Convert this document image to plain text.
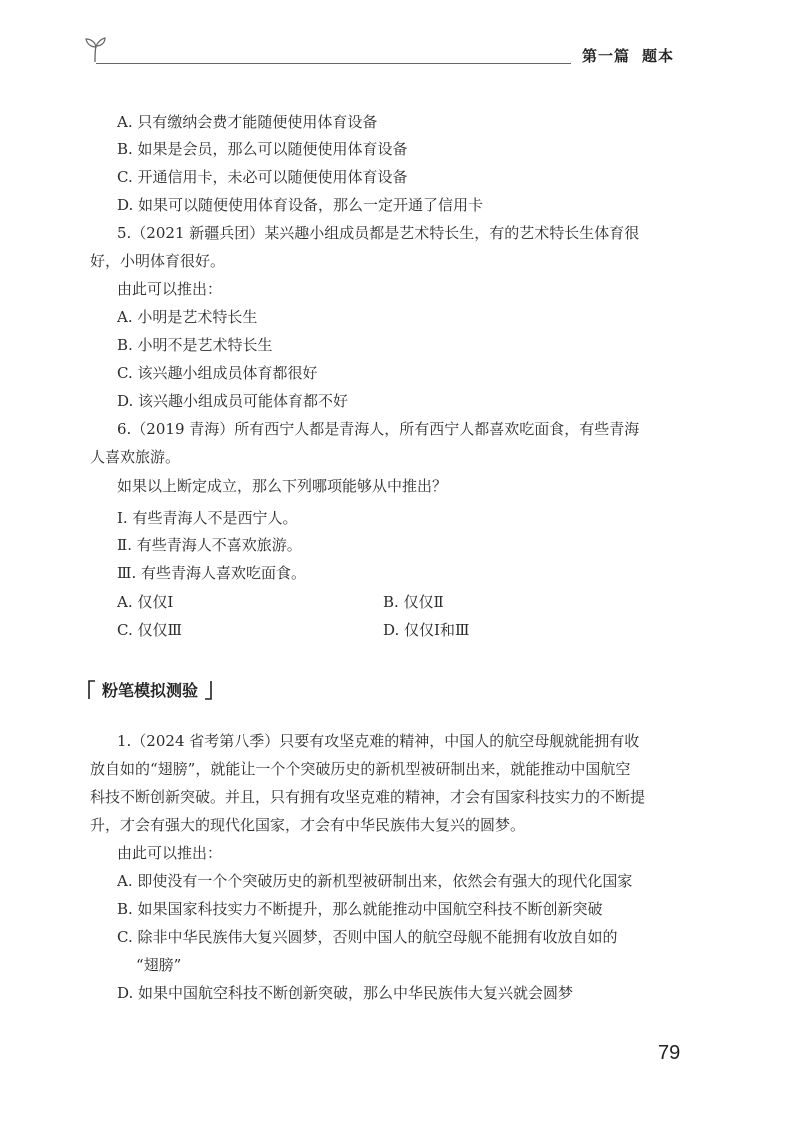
第一篇 题本
A. 只有缴纳会费才能随便使用体育设备
B. 如果是会员，那么可以随便使用体育设备
C. 开通信用卡，未必可以随便使用体育设备
D. 如果可以随便使用体育设备，那么一定开通了信用卡
5.（2021 新疆兵团）某兴趣小组成员都是艺术特长生，有的艺术特长生体育很
好，小明体育很好。
由此可以推出：
A. 小明是艺术特长生
B. 小明不是艺术特长生
C. 该兴趣小组成员体育都很好
D. 该兴趣小组成员可能体育都不好
6.（2019 青海）所有西宁人都是青海人，所有西宁人都喜欢吃面食，有些青海
人喜欢旅游。
如果以上断定成立，那么下列哪项能够从中推出？
Ⅰ. 有些青海人不是西宁人。
Ⅱ. 有些青海人不喜欢旅游。
Ⅲ. 有些青海人喜欢吃面食。
A. 仅仅Ⅰ	B. 仅仅Ⅱ
C. 仅仅Ⅲ	D. 仅仅Ⅰ和Ⅲ
粉笔模拟测验
1.（2024 省考第八季）只要有攻坚克难的精神，中国人的航空母舰就能拥有收
放自如的“翅膀”，就能让一个个突破历史的新机型被研制出来，就能推动中国航空
科技不断创新突破。并且，只有拥有攻坚克难的精神，才会有国家科技实力的不断提
升，才会有强大的现代化国家，才会有中华民族伟大复兴的圆梦。
由此可以推出：
A. 即使没有一个个突破历史的新机型被研制出来，依然会有强大的现代化国家
B. 如果国家科技实力不断提升，那么就能推动中国航空科技不断创新突破
C. 除非中华民族伟大复兴圆梦，否则中国人的航空母舰不能拥有收放自如的
“翅膀”
D. 如果中国航空科技不断创新突破，那么中华民族伟大复兴就会圆梦
79
